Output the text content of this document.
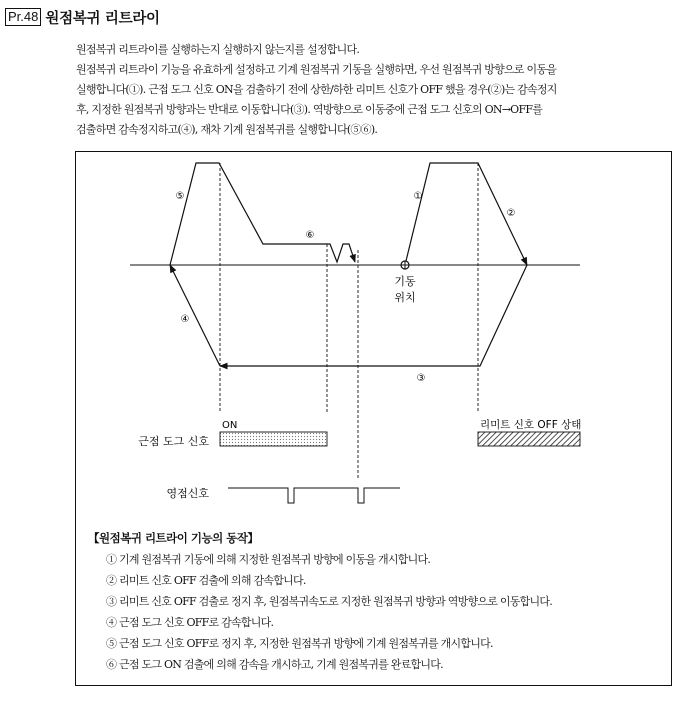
Pr.48 원점복귀 리트라이
원점복귀 리트라이를 실행하는지 실행하지 않는지를 설정합니다.
원점복귀 리트라이 기능을 유효하게 설정하고 기계 원점복귀 기동을 실행하면, 우선 원점복귀 방향으로 이동을
실행합니다(①). 근접 도그 신호 ON을 검출하기 전에 상한/하한 리미트 신호가 OFF 했을 경우(②)는 감속정지
후, 지정한 원점복귀 방향과는 반대로 이동합니다(③). 역방향으로 이동중에 근접 도그 신호의 ON→OFF를
검출하면 감속정지하고(④), 재차 기계 원점복귀를 실행합니다(⑤⑥).
⑤	①
②
⑥
④
③
기동
위치
ON
근점 도그 신호
리미트 신호 OFF 상태
영점신호
【원점복귀 리트라이 기능의 동작】
① 기계 원점복귀 기동에 의해 지정한 원점복귀 방향에 이동을 개시합니다.
② 리미트 신호 OFF 검출에 의해 감속합니다.
③ 리미트 신호 OFF 검출로 정지 후, 원점복귀속도로 지정한 원점복귀 방향과 역방향으로 이동합니다.
④ 근점 도그 신호 OFF로 감속합니다.
⑤ 근점 도그 신호 OFF로 정지 후, 지정한 원점복귀 방향에 기계 원점복귀를 개시합니다.
⑥ 근점 도그 ON 검출에 의해 감속을 개시하고, 기계 원점복귀를 완료합니다.
